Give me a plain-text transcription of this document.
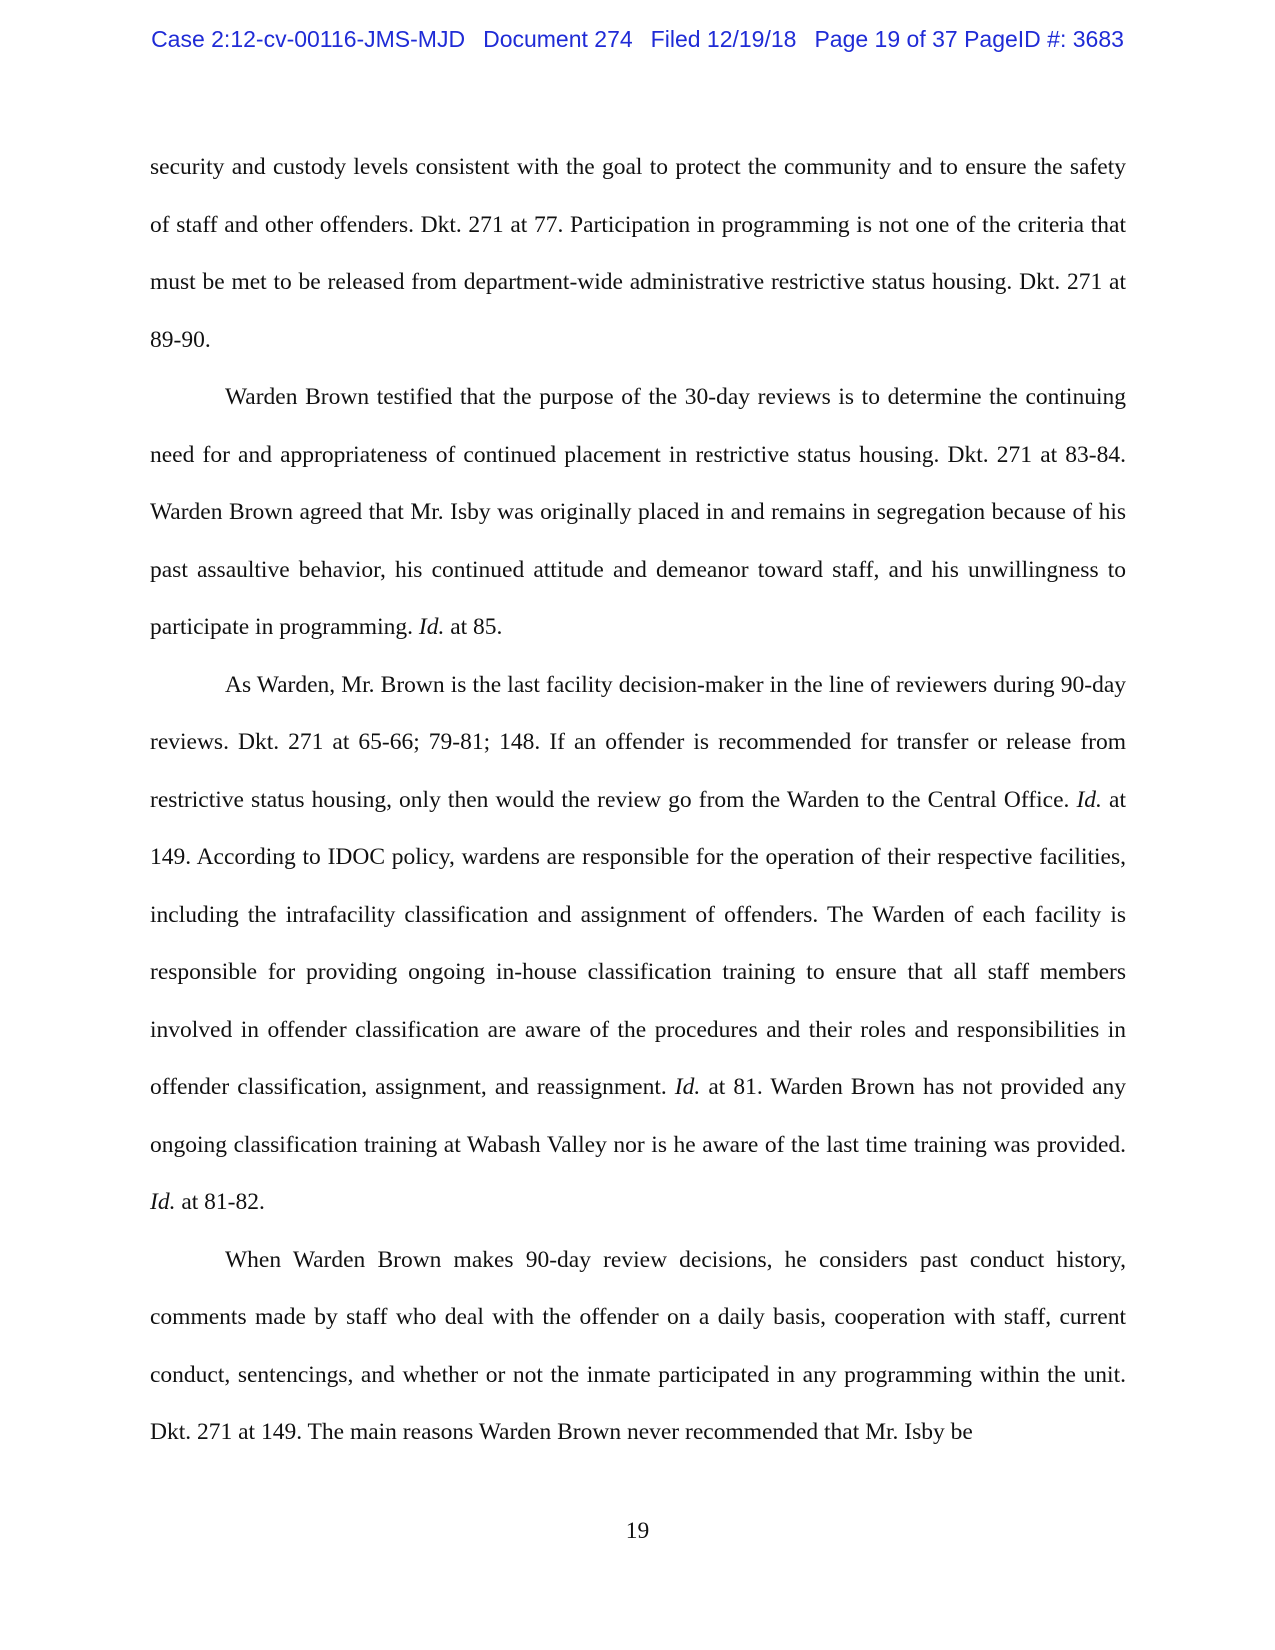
Case 2:12-cv-00116-JMS-MJD Document 274 Filed 12/19/18 Page 19 of 37 PageID #: 3683

security and custody levels consistent with the goal to protect the community and to ensure the safety of staff and other offenders. Dkt. 271 at 77. Participation in programming is not one of the criteria that must be met to be released from department-wide administrative restrictive status housing. Dkt. 271 at 89-90.

Warden Brown testified that the purpose of the 30-day reviews is to determine the continuing need for and appropriateness of continued placement in restrictive status housing. Dkt. 271 at 83-84. Warden Brown agreed that Mr. Isby was originally placed in and remains in segregation because of his past assaultive behavior, his continued attitude and demeanor toward staff, and his unwillingness to participate in programming. Id. at 85.

As Warden, Mr. Brown is the last facility decision-maker in the line of reviewers during 90-day reviews. Dkt. 271 at 65-66; 79-81; 148. If an offender is recommended for transfer or release from restrictive status housing, only then would the review go from the Warden to the Central Office. Id. at 149. According to IDOC policy, wardens are responsible for the operation of their respective facilities, including the intrafacility classification and assignment of offenders. The Warden of each facility is responsible for providing ongoing in-house classification training to ensure that all staff members involved in offender classification are aware of the procedures and their roles and responsibilities in offender classification, assignment, and reassignment. Id. at 81. Warden Brown has not provided any ongoing classification training at Wabash Valley nor is he aware of the last time training was provided. Id. at 81-82.

When Warden Brown makes 90-day review decisions, he considers past conduct history, comments made by staff who deal with the offender on a daily basis, cooperation with staff, current conduct, sentencings, and whether or not the inmate participated in any programming within the unit. Dkt. 271 at 149. The main reasons Warden Brown never recommended that Mr. Isby be

19
